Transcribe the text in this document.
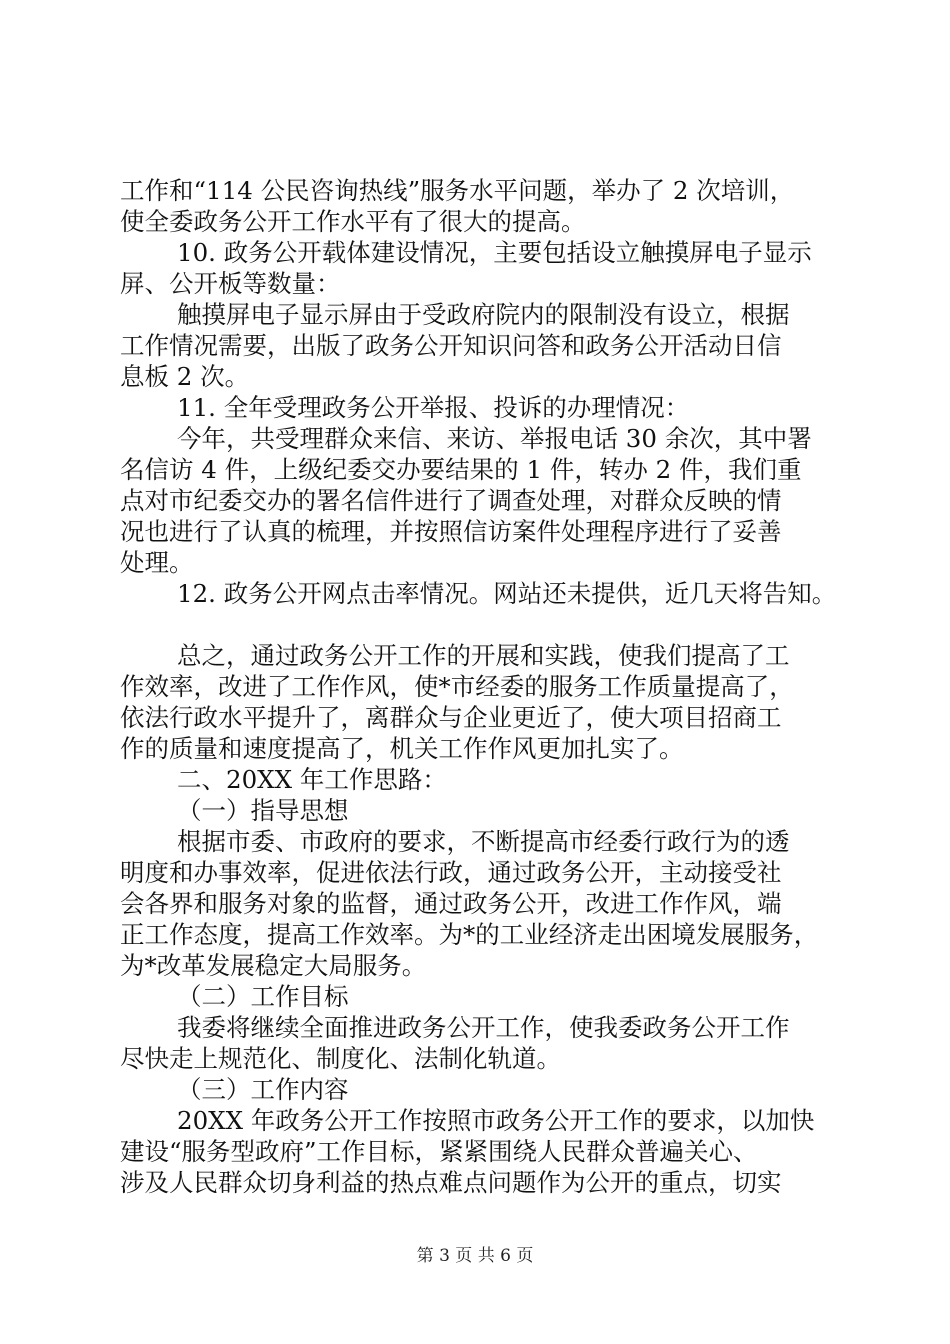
工作和“114 公民咨询热线”服务水平问题，举办了 2 次培训，
使全委政务公开工作水平有了很大的提高。
10. 政务公开载体建设情况，主要包括设立触摸屏电子显示
屏、公开板等数量：
触摸屏电子显示屏由于受政府院内的限制没有设立，根据
工作情况需要，出版了政务公开知识问答和政务公开活动日信
息板 2 次。
11. 全年受理政务公开举报、投诉的办理情况：
今年，共受理群众来信、来访、举报电话 30 余次，其中署
名信访 4 件，上级纪委交办要结果的 1 件，转办 2 件，我们重
点对市纪委交办的署名信件进行了调查处理，对群众反映的情
况也进行了认真的梳理，并按照信访案件处理程序进行了妥善
处理。
12. 政务公开网点击率情况。网站还未提供，近几天将告知。
总之，通过政务公开工作的开展和实践，使我们提高了工
作效率，改进了工作作风，使*市经委的服务工作质量提高了，
依法行政水平提升了，离群众与企业更近了，使大项目招商工
作的质量和速度提高了，机关工作作风更加扎实了。
二、20XX 年工作思路：
（一）指导思想
根据市委、市政府的要求，不断提高市经委行政行为的透
明度和办事效率，促进依法行政，通过政务公开，主动接受社
会各界和服务对象的监督，通过政务公开，改进工作作风，端
正工作态度，提高工作效率。为*的工业经济走出困境发展服务，
为*改革发展稳定大局服务。
（二）工作目标
我委将继续全面推进政务公开工作，使我委政务公开工作
尽快走上规范化、制度化、法制化轨道。
（三）工作内容
20XX 年政务公开工作按照市政务公开工作的要求，以加快
建设“服务型政府”工作目标，紧紧围绕人民群众普遍关心、
涉及人民群众切身利益的热点难点问题作为公开的重点，切实
第 3 页 共 6 页
